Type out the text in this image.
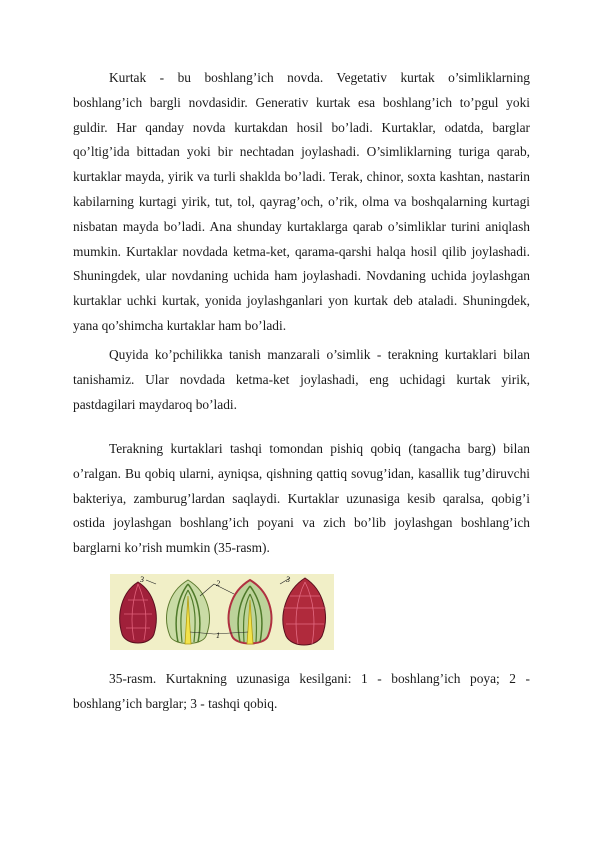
Kurtak - bu boshlang’ich novda. Vegetativ kurtak o’simliklarning boshlang’ich bargli novdasidir. Generativ kurtak esa boshlang’ich to’pgul yoki guldir. Har qanday novda kurtakdan hosil bo’ladi. Kurtaklar, odatda, barglar qo’ltig’ida bittadan yoki bir nechtadan joylashadi. O’simliklarning turiga qarab, kurtaklar mayda, yirik va turli shaklda bo’ladi. Terak, chinor, soxta kashtan, nastarin kabilarning kurtagi yirik, tut, tol, qayrag’och, o’rik, olma va boshqalarning kurtagi nisbatan mayda bo’ladi. Ana shunday kurtaklarga qarab o’simliklar turini aniqlash mumkin. Kurtaklar novdada ketma-ket, qarama-qarshi halqa hosil qilib joylashadi. Shuningdek, ular novdaning uchida ham joylashadi. Novdaning uchida joylashgan kurtaklar uchki kurtak, yonida joylashganlari yon kurtak deb ataladi. Shuningdek, yana qo’shimcha kurtaklar ham bo’ladi.

Quyida ko’pchilikka tanish manzarali o’simlik - terakning kurtaklari bilan tanishamiz. Ular novdada ketma-ket joylashadi, eng uchidagi kurtak yirik, pastdagilari maydaroq bo’ladi.

Terakning kurtaklari tashqi tomondan pishiq qobiq (tangacha barg) bilan o’ralgan. Bu qobiq ularni, ayniqsa, qishning qattiq sovug’idan, kasallik tug’diruvchi bakteriya, zamburug’lardan saqlaydi. Kurtaklar uzunasiga kesib qaralsa, qobig’i ostida joylashgan boshlang’ich poyani va zich bo’lib joylashgan boshlang’ich barglarni ko’rish mumkin (35-rasm).

3	2
1
3

35-rasm. Kurtakning uzunasiga kesilgani: 1 - boshlang’ich poya; 2 - boshlang’ich barglar; 3 - tashqi qobiq.
